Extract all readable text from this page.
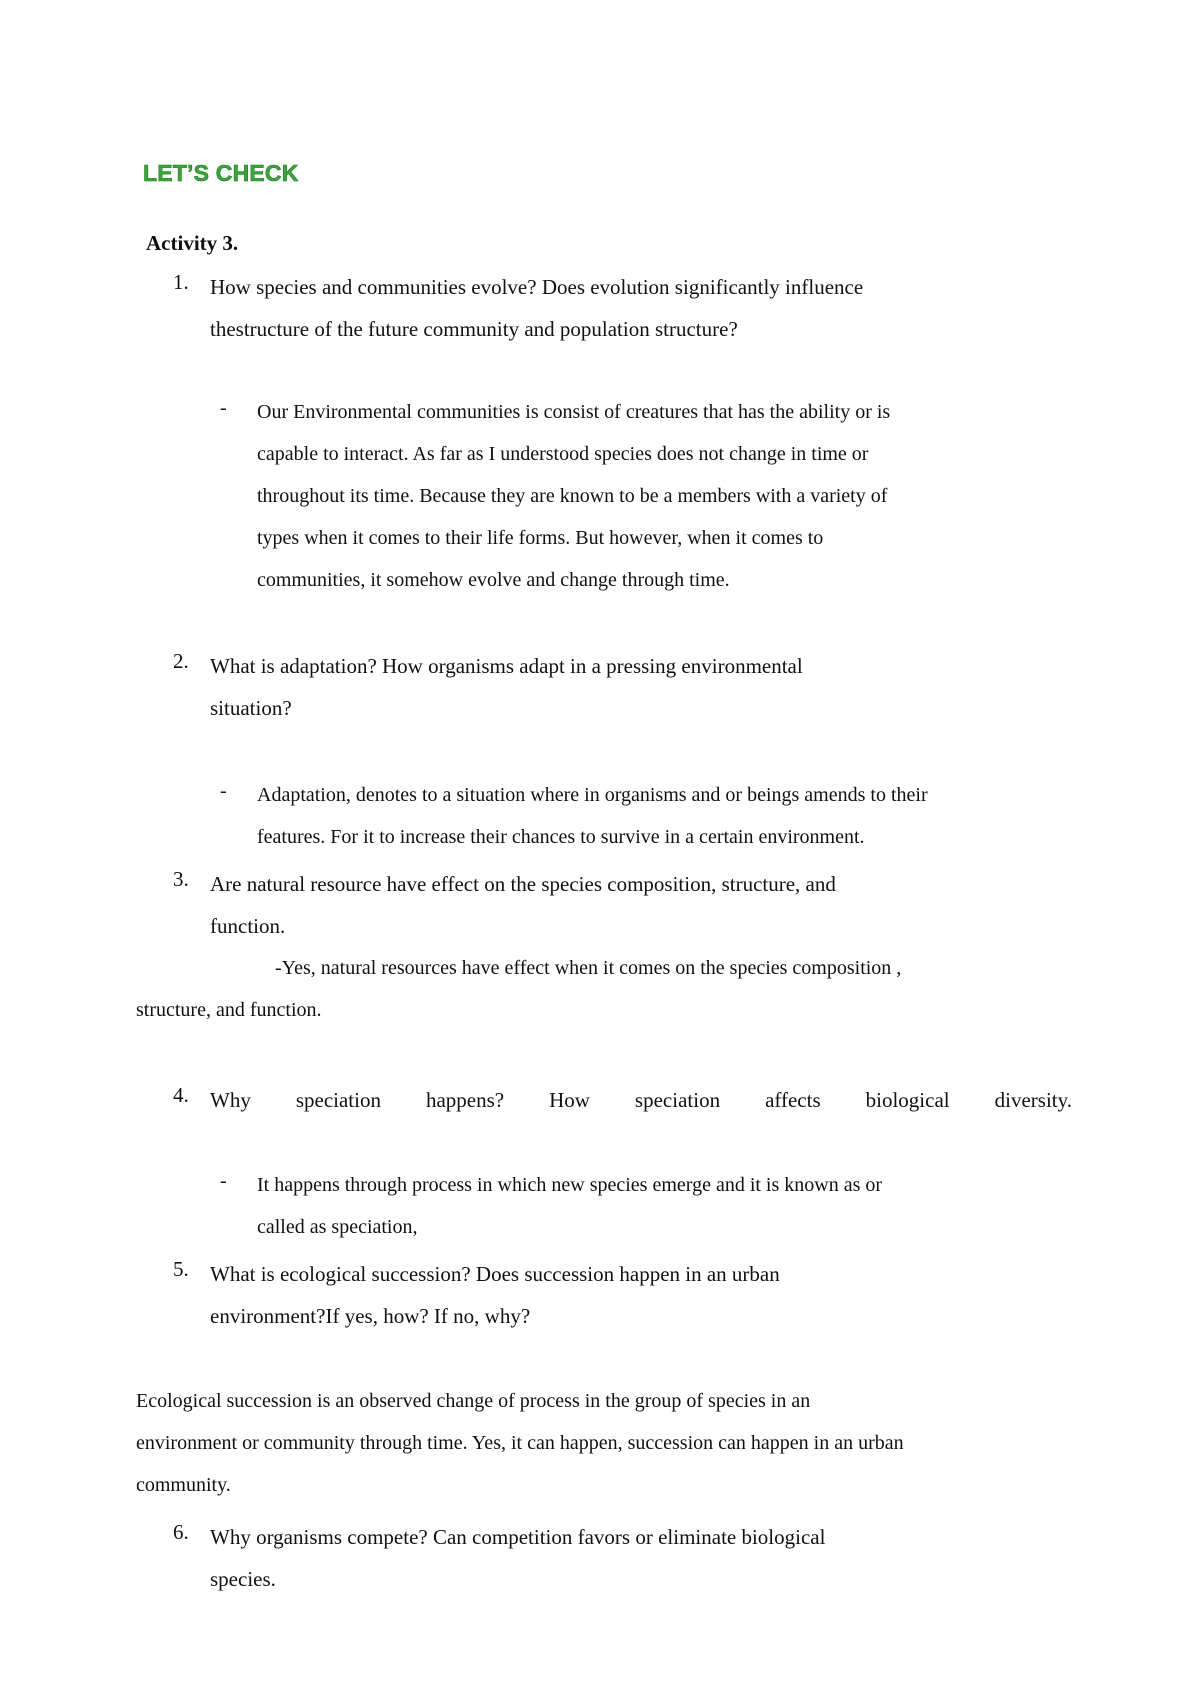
LET’S CHECK
Activity 3.
1. How species and communities evolve? Does evolution significantly influence
thestructure of the future community and population structure?
- Our Environmental communities is consist of creatures that has the ability or is
capable to interact. As far as I understood species does not change in time or
throughout its time. Because they are known to be a members with a variety of
types when it comes to their life forms. But however, when it comes to
communities, it somehow evolve and change through time.
2. What is adaptation? How organisms adapt in a pressing environmental
situation?
- Adaptation, denotes to a situation where in organisms and or beings amends to their
features. For it to increase their chances to survive in a certain environment.
3. Are natural resource have effect on the species composition, structure, and
function.
-Yes, natural resources have effect when it comes on the species composition ,
structure, and function.
4. Why speciation happens? How speciation affects biological diversity.
- It happens through process in which new species emerge and it is known as or
called as speciation,
5. What is ecological succession? Does succession happen in an urban
environment?If yes, how? If no, why?
Ecological succession is an observed change of process in the group of species in an
environment or community through time. Yes, it can happen, succession can happen in an urban
community.
6. Why organisms compete? Can competition favors or eliminate biological
species.
